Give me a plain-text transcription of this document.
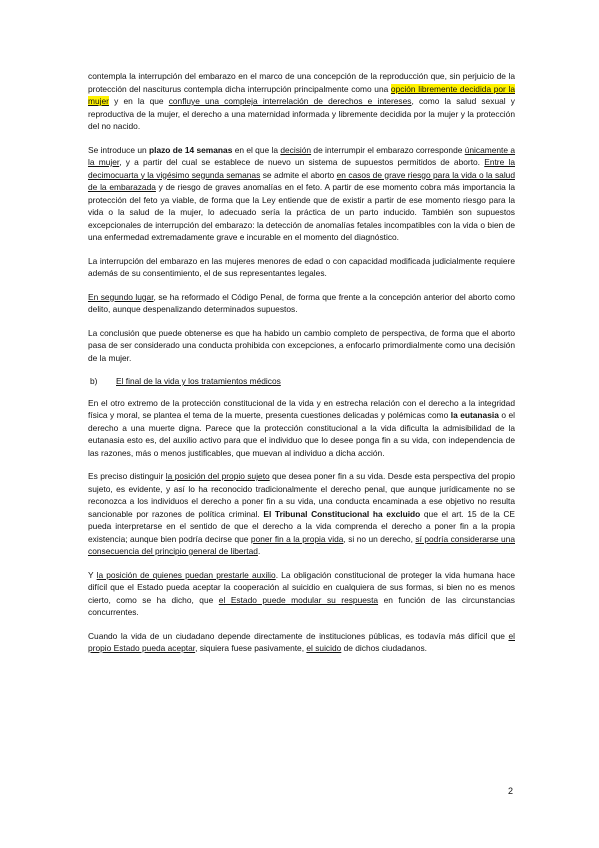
contempla la interrupción del embarazo en el marco de una concepción de la reproducción que, sin perjuicio de la protección del nasciturus contempla dicha interrupción principalmente como una opción libremente decidida por la mujer y en la que confluye una compleja interrelación de derechos e intereses, como la salud sexual y reproductiva de la mujer, el derecho a una maternidad informada y libremente decidida por la mujer y la protección del no nacido.

Se introduce un plazo de 14 semanas en el que la decisión de interrumpir el embarazo corresponde únicamente a la mujer, y a partir del cual se establece de nuevo un sistema de supuestos permitidos de aborto. Entre la decimocuarta y la vigésimo segunda semanas se admite el aborto en casos de grave riesgo para la vida o la salud de la embarazada y de riesgo de graves anomalías en el feto. A partir de ese momento cobra más importancia la protección del feto ya viable, de forma que la Ley entiende que de existir a partir de ese momento riesgo para la vida o la salud de la mujer, lo adecuado sería la práctica de un parto inducido. También son supuestos excepcionales de interrupción del embarazo: la detección de anomalías fetales incompatibles con la vida o bien de una enfermedad extremadamente grave e incurable en el momento del diagnóstico.

La interrupción del embarazo en las mujeres menores de edad o con capacidad modificada judicialmente requiere además de su consentimiento, el de sus representantes legales.

En segundo lugar, se ha reformado el Código Penal, de forma que frente a la concepción anterior del aborto como delito, aunque despenalizando determinados supuestos.

La conclusión que puede obtenerse es que ha habido un cambio completo de perspectiva, de forma que el aborto pasa de ser considerado una conducta prohibida con excepciones, a enfocarlo primordialmente como una decisión de la mujer.

b) El final de la vida y los tratamientos médicos

En el otro extremo de la protección constitucional de la vida y en estrecha relación con el derecho a la integridad física y moral, se plantea el tema de la muerte, presenta cuestiones delicadas y polémicas como la eutanasia o el derecho a una muerte digna. Parece que la protección constitucional a la vida dificulta la admisibilidad de la eutanasia esto es, del auxilio activo para que el individuo que lo desee ponga fin a su vida, con independencia de las razones, más o menos justificables, que muevan al individuo a dicha acción.

Es preciso distinguir la posición del propio sujeto que desea poner fin a su vida. Desde esta perspectiva del propio sujeto, es evidente, y así lo ha reconocido tradicionalmente el derecho penal, que aunque jurídicamente no se reconozca a los individuos el derecho a poner fin a su vida, una conducta encaminada a ese objetivo no resulta sancionable por razones de política criminal. El Tribunal Constitucional ha excluido que el art. 15 de la CE pueda interpretarse en el sentido de que el derecho a la vida comprenda el derecho a poner fin a la propia existencia; aunque bien podría decirse que poner fin a la propia vida, si no un derecho, sí podría considerarse una consecuencia del principio general de libertad.

Y la posición de quienes puedan prestarle auxilio. La obligación constitucional de proteger la vida humana hace difícil que el Estado pueda aceptar la cooperación al suicidio en cualquiera de sus formas, si bien no es menos cierto, como se ha dicho, que el Estado puede modular su respuesta en función de las circunstancias concurrentes.

Cuando la vida de un ciudadano depende directamente de instituciones públicas, es todavía más difícil que el propio Estado pueda aceptar, siquiera fuese pasivamente, el suicido de dichos ciudadanos.

2
